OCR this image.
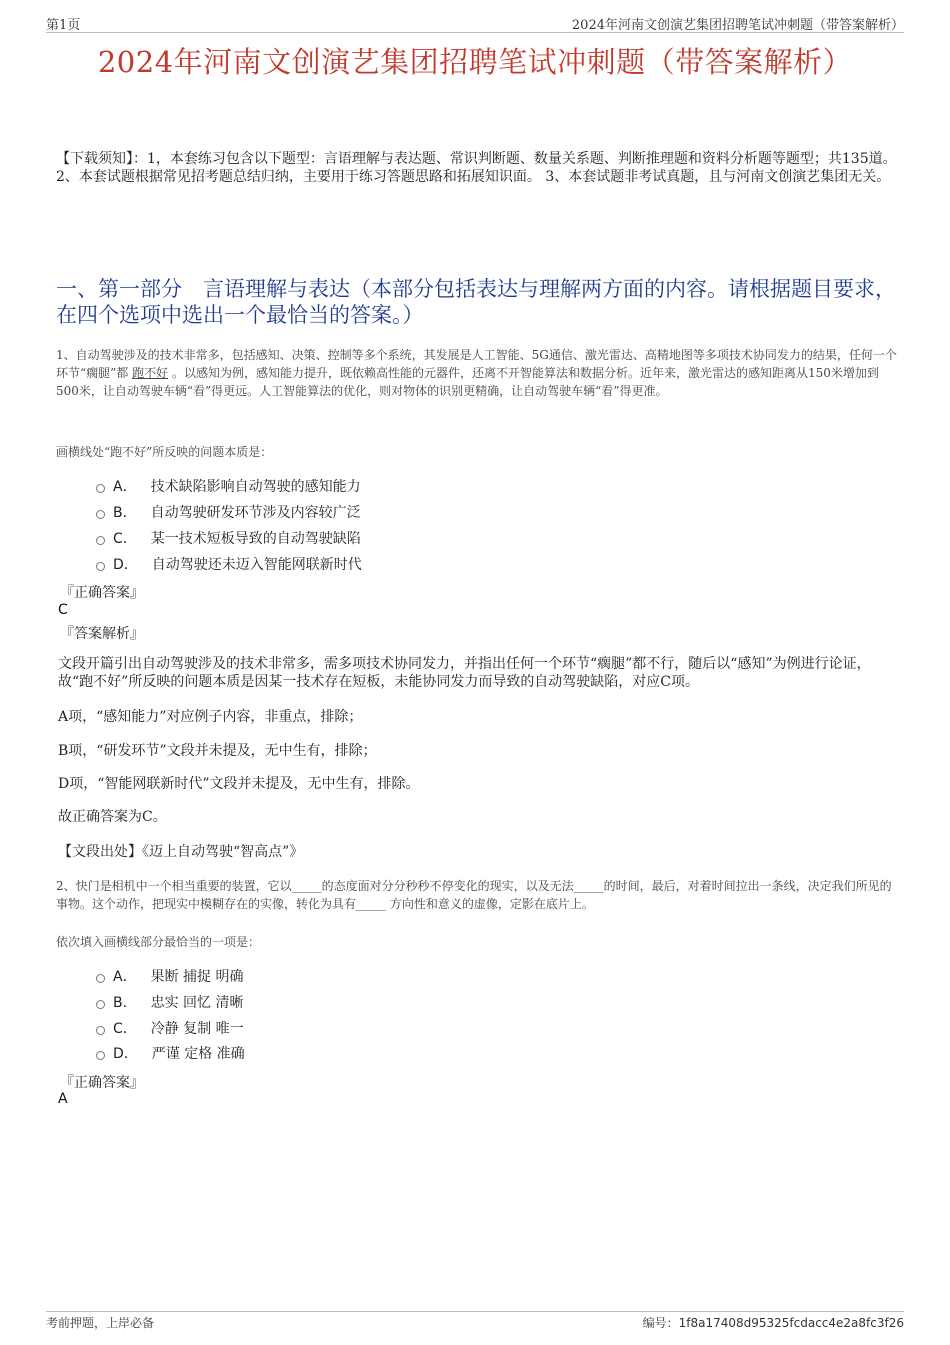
第1页	2024年河南文创演艺集团招聘笔试冲刺题（带答案解析）
2024年河南文创演艺集团招聘笔试冲刺题（带答案解析）
【下载须知】：1，本套练习包含以下题型：言语理解与表达题、常识判断题、数量关系题、判断推理题和资料分析题等题型；共135道。 2、本套试题根据常见招考题总结归纳，主要用于练习答题思路和拓展知识面。 3、本套试题非考试真题，且与河南文创演艺集团无关。
一、第一部分　言语理解与表达（本部分包括表达与理解两方面的内容。请根据题目要求，在四个选项中选出一个最恰当的答案。）
1、自动驾驶涉及的技术非常多，包括感知、决策、控制等多个系统，其发展是人工智能、5G通信、激光雷达、高精地图等多项技术协同发力的结果，任何一个环节“瘸腿”都 跑不好 。以感知为例，感知能力提升，既依赖高性能的元器件，还离不开智能算法和数据分析。近年来，激光雷达的感知距离从150米增加到500米，让自动驾驶车辆“看”得更远。人工智能算法的优化，则对物体的识别更精确，让自动驾驶车辆“看”得更准。
画横线处“跑不好”所反映的问题本质是：
A． 技术缺陷影响自动驾驶的感知能力
B． 自动驾驶研发环节涉及内容较广泛
C． 某一技术短板导致的自动驾驶缺陷
D． 自动驾驶还未迈入智能网联新时代
『正确答案』
C
『答案解析』
文段开篇引出自动驾驶涉及的技术非常多，需多项技术协同发力，并指出任何一个环节“瘸腿”都不行，随后以“感知”为例进行论证，故“跑不好”所反映的问题本质是因某一技术存在短板，未能协同发力而导致的自动驾驶缺陷，对应C项。
A项，“感知能力”对应例子内容，非重点，排除；
B项，“研发环节”文段并未提及，无中生有，排除；
D项，“智能网联新时代”文段并未提及，无中生有，排除。
故正确答案为C。
【文段出处】《迈上自动驾驶“智高点”》
2、快门是相机中一个相当重要的装置，它以_____的态度面对分分秒秒不停变化的现实，以及无法_____的时间，最后，对着时间拉出一条线，决定我们所见的事物。这个动作，把现实中模糊存在的实像，转化为具有_____ 方向性和意义的虚像，定影在底片上。
依次填入画横线部分最恰当的一项是：
A． 果断 捕捉 明确
B． 忠实 回忆 清晰
C． 冷静 复制 唯一
D． 严谨 定格 准确
『正确答案』
A
考前押题，上岸必备	编号：1f8a17408d95325fcdacc4e2a8fc3f26
